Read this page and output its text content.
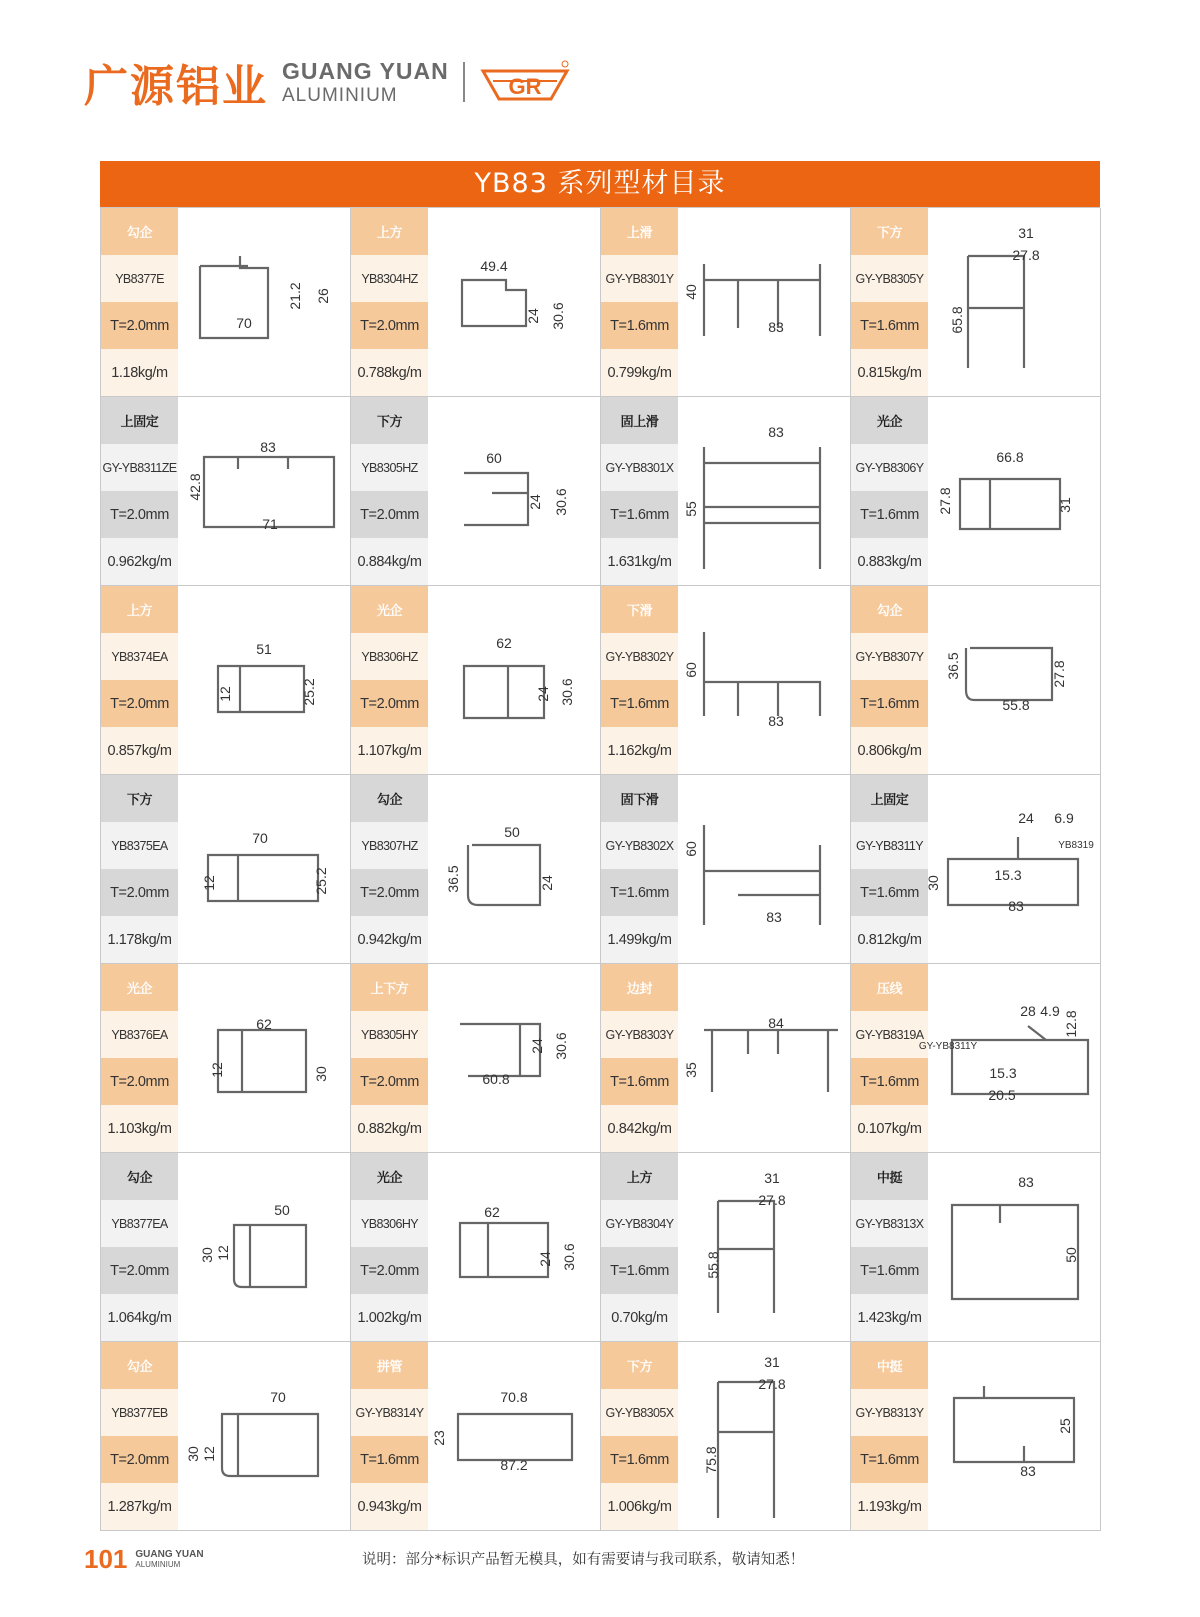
广源铝业 GUANG YUAN
ALUMINIUM	GR
YB83 系列型材目录
勾企
YB8377E
T=2.0mm
1.18kg/m
70
21.2 26
上方
YB8304HZ
T=2.0mm
0.788kg/m
49.4
24 30.6
上滑
GY-YB8301Y
T=1.6mm
0.799kg/m
40
83
下方
GY-YB8305Y
T=1.6mm
0.815kg/m
31
27.8
65.8
上固定
GY-YB8311ZE
T=2.0mm
0.962kg/m
83
42.8
71
下方
YB8305HZ
T=2.0mm
0.884kg/m
60
24 30.6
固上滑
GY-YB8301X
T=1.6mm
1.631kg/m
83
55
光企
GY-YB8306Y
T=1.6mm
0.883kg/m
66.8
27.8	31
上方
YB8374EA
T=2.0mm
0.857kg/m
51
12	25.2
光企
YB8306HZ
T=2.0mm
1.107kg/m
62
24 30.6
下滑
GY-YB8302Y
T=1.6mm
1.162kg/m
60
83
勾企
GY-YB8307Y
T=1.6mm
0.806kg/m
36.5	27.8
55.8
下方
YB8375EA
T=2.0mm
1.178kg/m
70
12	25.2
勾企
YB8307HZ
T=2.0mm
0.942kg/m
50
36.5	24
固下滑
GY-YB8302X
T=1.6mm
1.499kg/m
60
83
上固定
GY-YB8311Y
T=1.6mm
0.812kg/m
24 6.9
YB8319
15.3
30
83
光企
YB8376EA
T=2.0mm
1.103kg/m
62
12	30
上下方
YB8305HY
T=2.0mm
0.882kg/m
24 30.6
60.8
边封
GY-YB8303Y
T=1.6mm
0.842kg/m
84
35
压线
GY-YB8319A
T=1.6mm
0.107kg/m
28 4.9 12.8
GY-YB8311Y
15.3
20.5
勾企
YB8377EA
T=2.0mm
1.064kg/m
50
30 12
光企
YB8306HY
T=2.0mm
1.002kg/m
62
24 30.6
上方
GY-YB8304Y
T=1.6mm
0.70kg/m
31
27.8
55.8
中挺
GY-YB8313X
T=1.6mm
1.423kg/m
83
50
勾企
YB8377EB
T=2.0mm
1.287kg/m
70
30 12
拼管
GY-YB8314Y
T=1.6mm
0.943kg/m
70.8
23
87.2
下方
GY-YB8305X
T=1.6mm
1.006kg/m
31
27.8
75.8
中挺
GY-YB8313Y
T=1.6mm
1.193kg/m
25
83
101 GUANG YUAN
ALUMINIUM	说明：部分*标识产品暂无模具，如有需要请与我司联系，敬请知悉！
